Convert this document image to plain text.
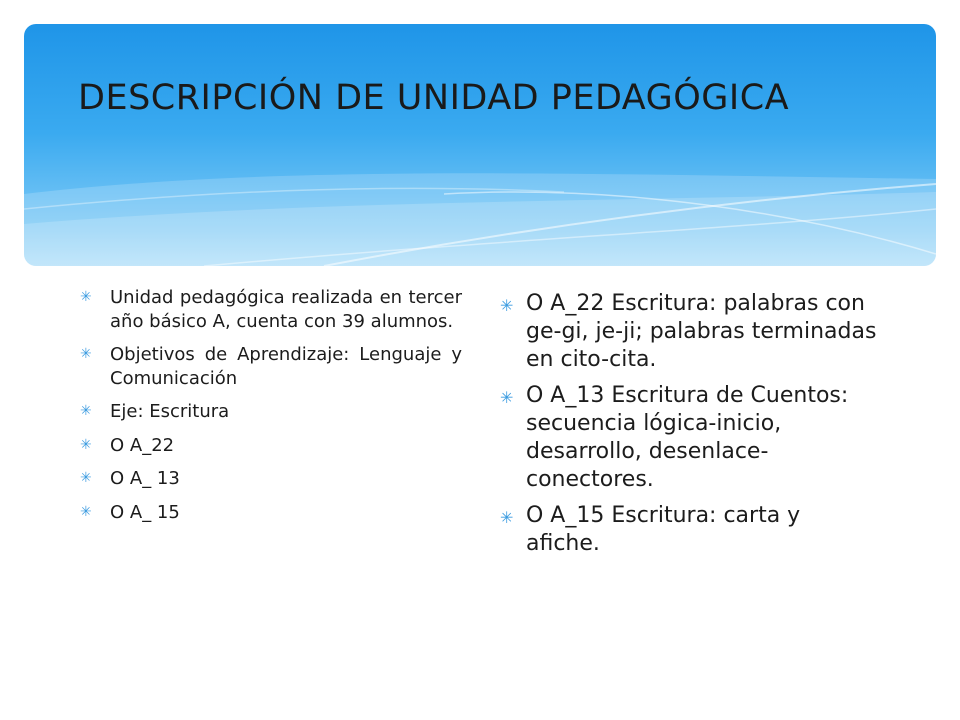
DESCRIPCIÓN DE UNIDAD PEDAGÓGICA
✳ Unidad pedagógica realizada en tercer año básico A, cuenta con 39 alumnos.
✳ Objetivos de Aprendizaje: Lenguaje y Comunicación
✳ Eje: Escritura
✳ O A_22
✳ O A_ 13
✳ O A_ 15
✳ O A_22 Escritura: palabras con ge-gi, je-ji; palabras terminadas en cito-cita.
✳ O A_13 Escritura de Cuentos: secuencia lógica-inicio, desarrollo, desenlace-conectores.
✳ O A_15 Escritura: carta y afiche.
